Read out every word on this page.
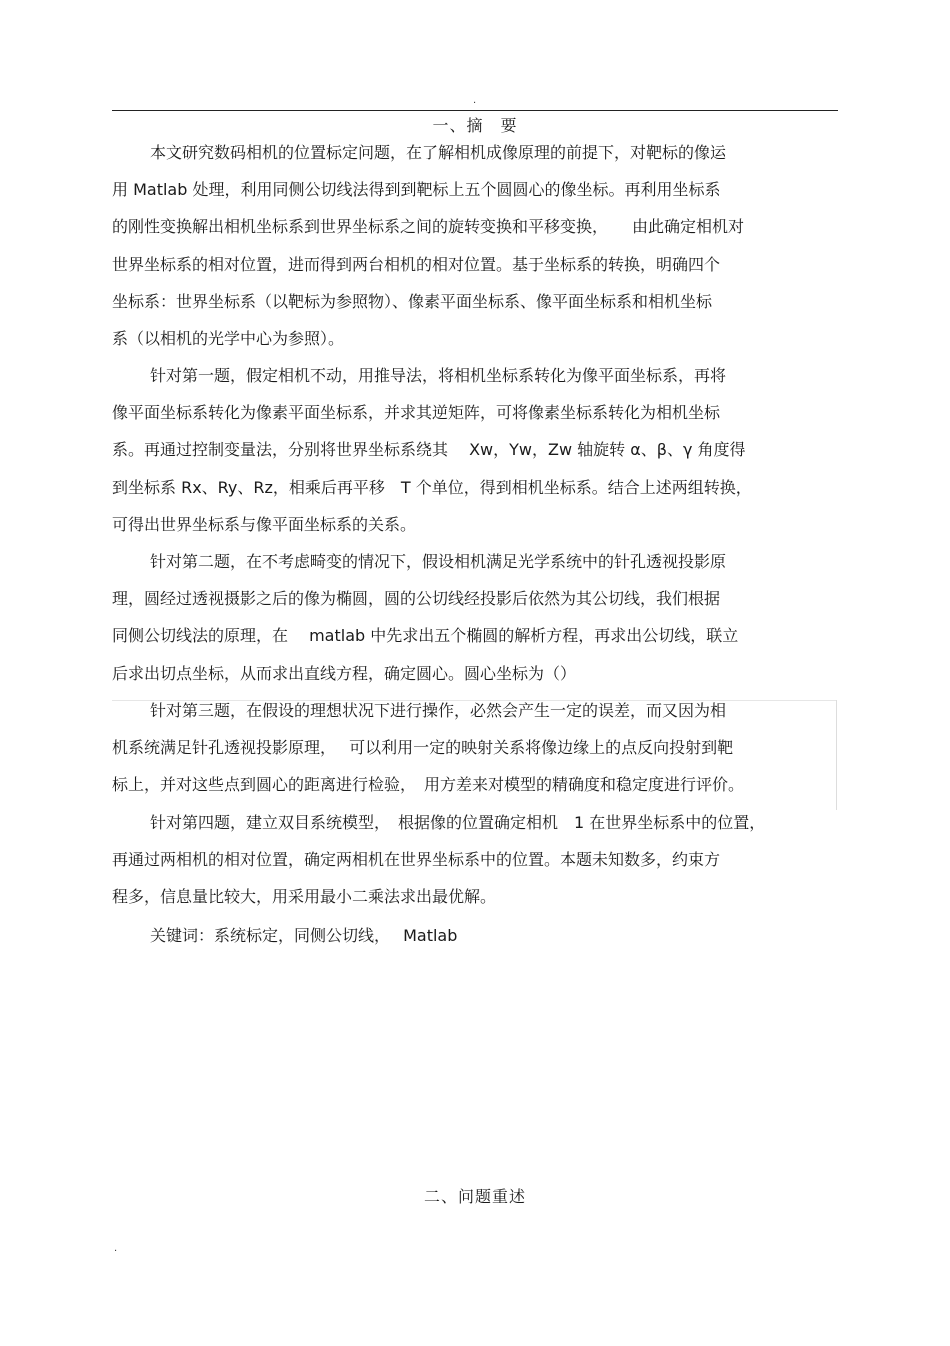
.
一、摘　要
本文研究数码相机的位置标定问题，在了解相机成像原理的前提下，对靶标的像运
用 Matlab 处理，利用同侧公切线法得到到靶标上五个圆圆心的像坐标。再利用坐标系
的刚性变换解出相机坐标系到世界坐标系之间的旋转变换和平移变换，　　由此确定相机对
世界坐标系的相对位置，进而得到两台相机的相对位置。基于坐标系的转换，明确四个
坐标系：世界坐标系（以靶标为参照物）、像素平面坐标系、像平面坐标系和相机坐标
系（以相机的光学中心为参照）。
针对第一题，假定相机不动，用推导法，将相机坐标系转化为像平面坐标系，再将
像平面坐标系转化为像素平面坐标系，并求其逆矩阵，可将像素坐标系转化为相机坐标
系。再通过控制变量法，分别将世界坐标系绕其　 Xw，Yw，Zw 轴旋转 α、β、γ 角度得
到坐标系 Rx、Ry、Rz，相乘后再平移　T 个单位，得到相机坐标系。结合上述两组转换，
可得出世界坐标系与像平面坐标系的关系。
针对第二题，在不考虑畸变的情况下，假设相机满足光学系统中的针孔透视投影原
理，圆经过透视摄影之后的像为椭圆，圆的公切线经投影后依然为其公切线，我们根据
同侧公切线法的原理，在　 matlab 中先求出五个椭圆的解析方程，再求出公切线，联立
后求出切点坐标，从而求出直线方程，确定圆心。圆心坐标为（）
针对第三题，在假设的理想状况下进行操作，必然会产生一定的误差，而又因为相
机系统满足针孔透视投影原理，　 可以利用一定的映射关系将像边缘上的点反向投射到靶
标上，并对这些点到圆心的距离进行检验，　用方差来对模型的精确度和稳定度进行评价。
针对第四题，建立双目系统模型，　根据像的位置确定相机　1 在世界坐标系中的位置，
再通过两相机的相对位置，确定两相机在世界坐标系中的位置。本题未知数多，约束方
程多，信息量比较大，用采用最小二乘法求出最优解。
关键词：系统标定，同侧公切线，　 Matlab
二、问题重述
.
